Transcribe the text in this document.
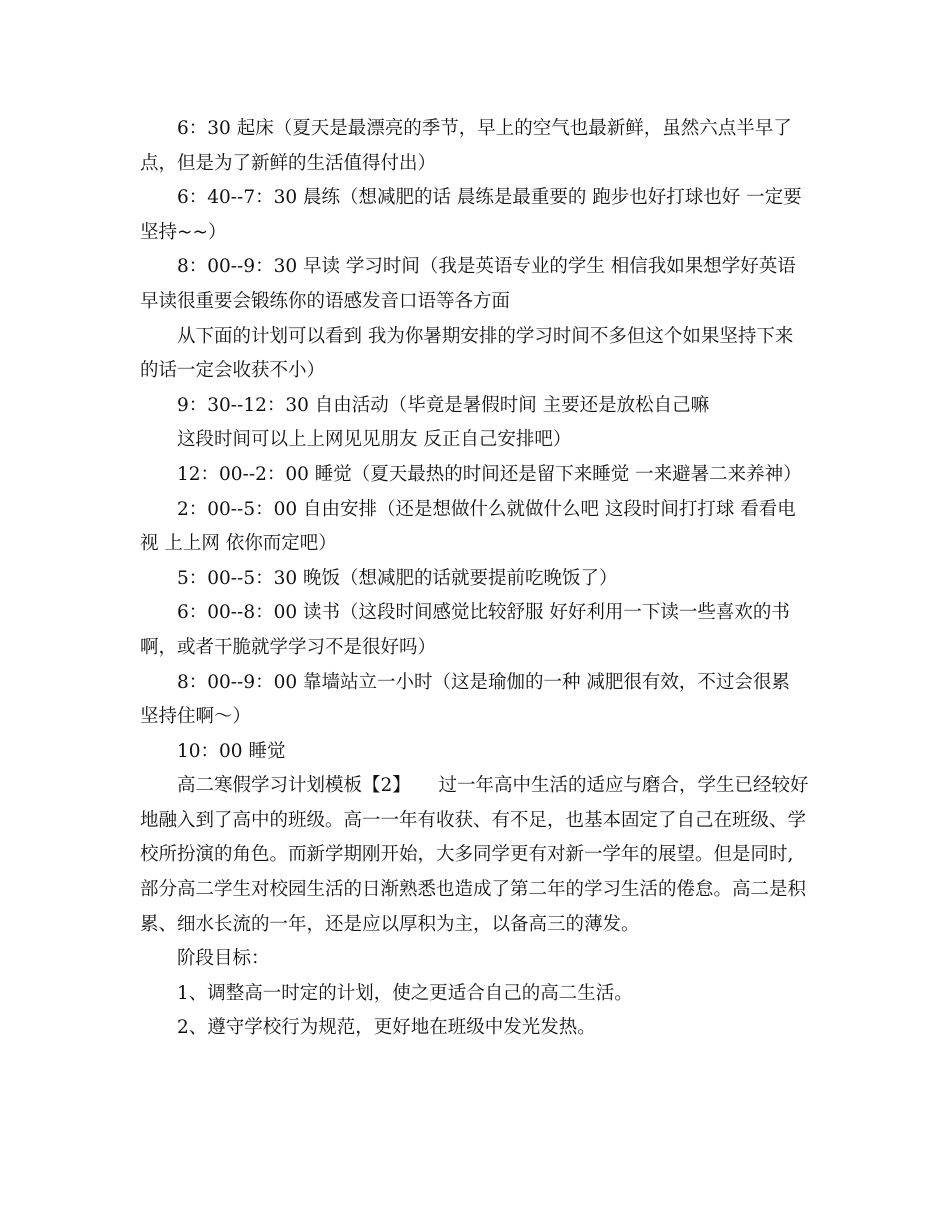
6：30 起床（夏天是最漂亮的季节，早上的空气也最新鲜，虽然六点半早了点，但是为了新鲜的生活值得付出）

6：40--7：30 晨练（想减肥的话 晨练是最重要的 跑步也好打球也好 一定要坚持~~）

8：00--9：30 早读 学习时间（我是英语专业的学生 相信我如果想学好英语 早读很重要会锻练你的语感发音口语等各方面

从下面的计划可以看到 我为你暑期安排的学习时间不多但这个如果坚持下来的话一定会收获不小）

9：30--12：30 自由活动（毕竟是暑假时间 主要还是放松自己嘛

这段时间可以上上网见见朋友 反正自己安排吧）

12：00--2：00 睡觉（夏天最热的时间还是留下来睡觉 一来避暑二来养神）

2：00--5：00 自由安排（还是想做什么就做什么吧 这段时间打打球 看看电视 上上网 依你而定吧）

5：00--5：30 晚饭（想减肥的话就要提前吃晚饭了）

6：00--8：00 读书（这段时间感觉比较舒服 好好利用一下读一些喜欢的书啊，或者干脆就学学习不是很好吗）

8：00--9：00 靠墙站立一小时（这是瑜伽的一种 减肥很有效，不过会很累 坚持住啊～）

10：00 睡觉

高二寒假学习计划模板【2】　　过一年高中生活的适应与磨合，学生已经较好地融入到了高中的班级。高一一年有收获、有不足，也基本固定了自己在班级、学校所扮演的角色。而新学期刚开始，大多同学更有对新一学年的展望。但是同时,部分高二学生对校园生活的日渐熟悉也造成了第二年的学习生活的倦怠。高二是积累、细水长流的一年，还是应以厚积为主，以备高三的薄发。

阶段目标：

1、调整高一时定的计划，使之更适合自己的高二生活。

2、遵守学校行为规范，更好地在班级中发光发热。
